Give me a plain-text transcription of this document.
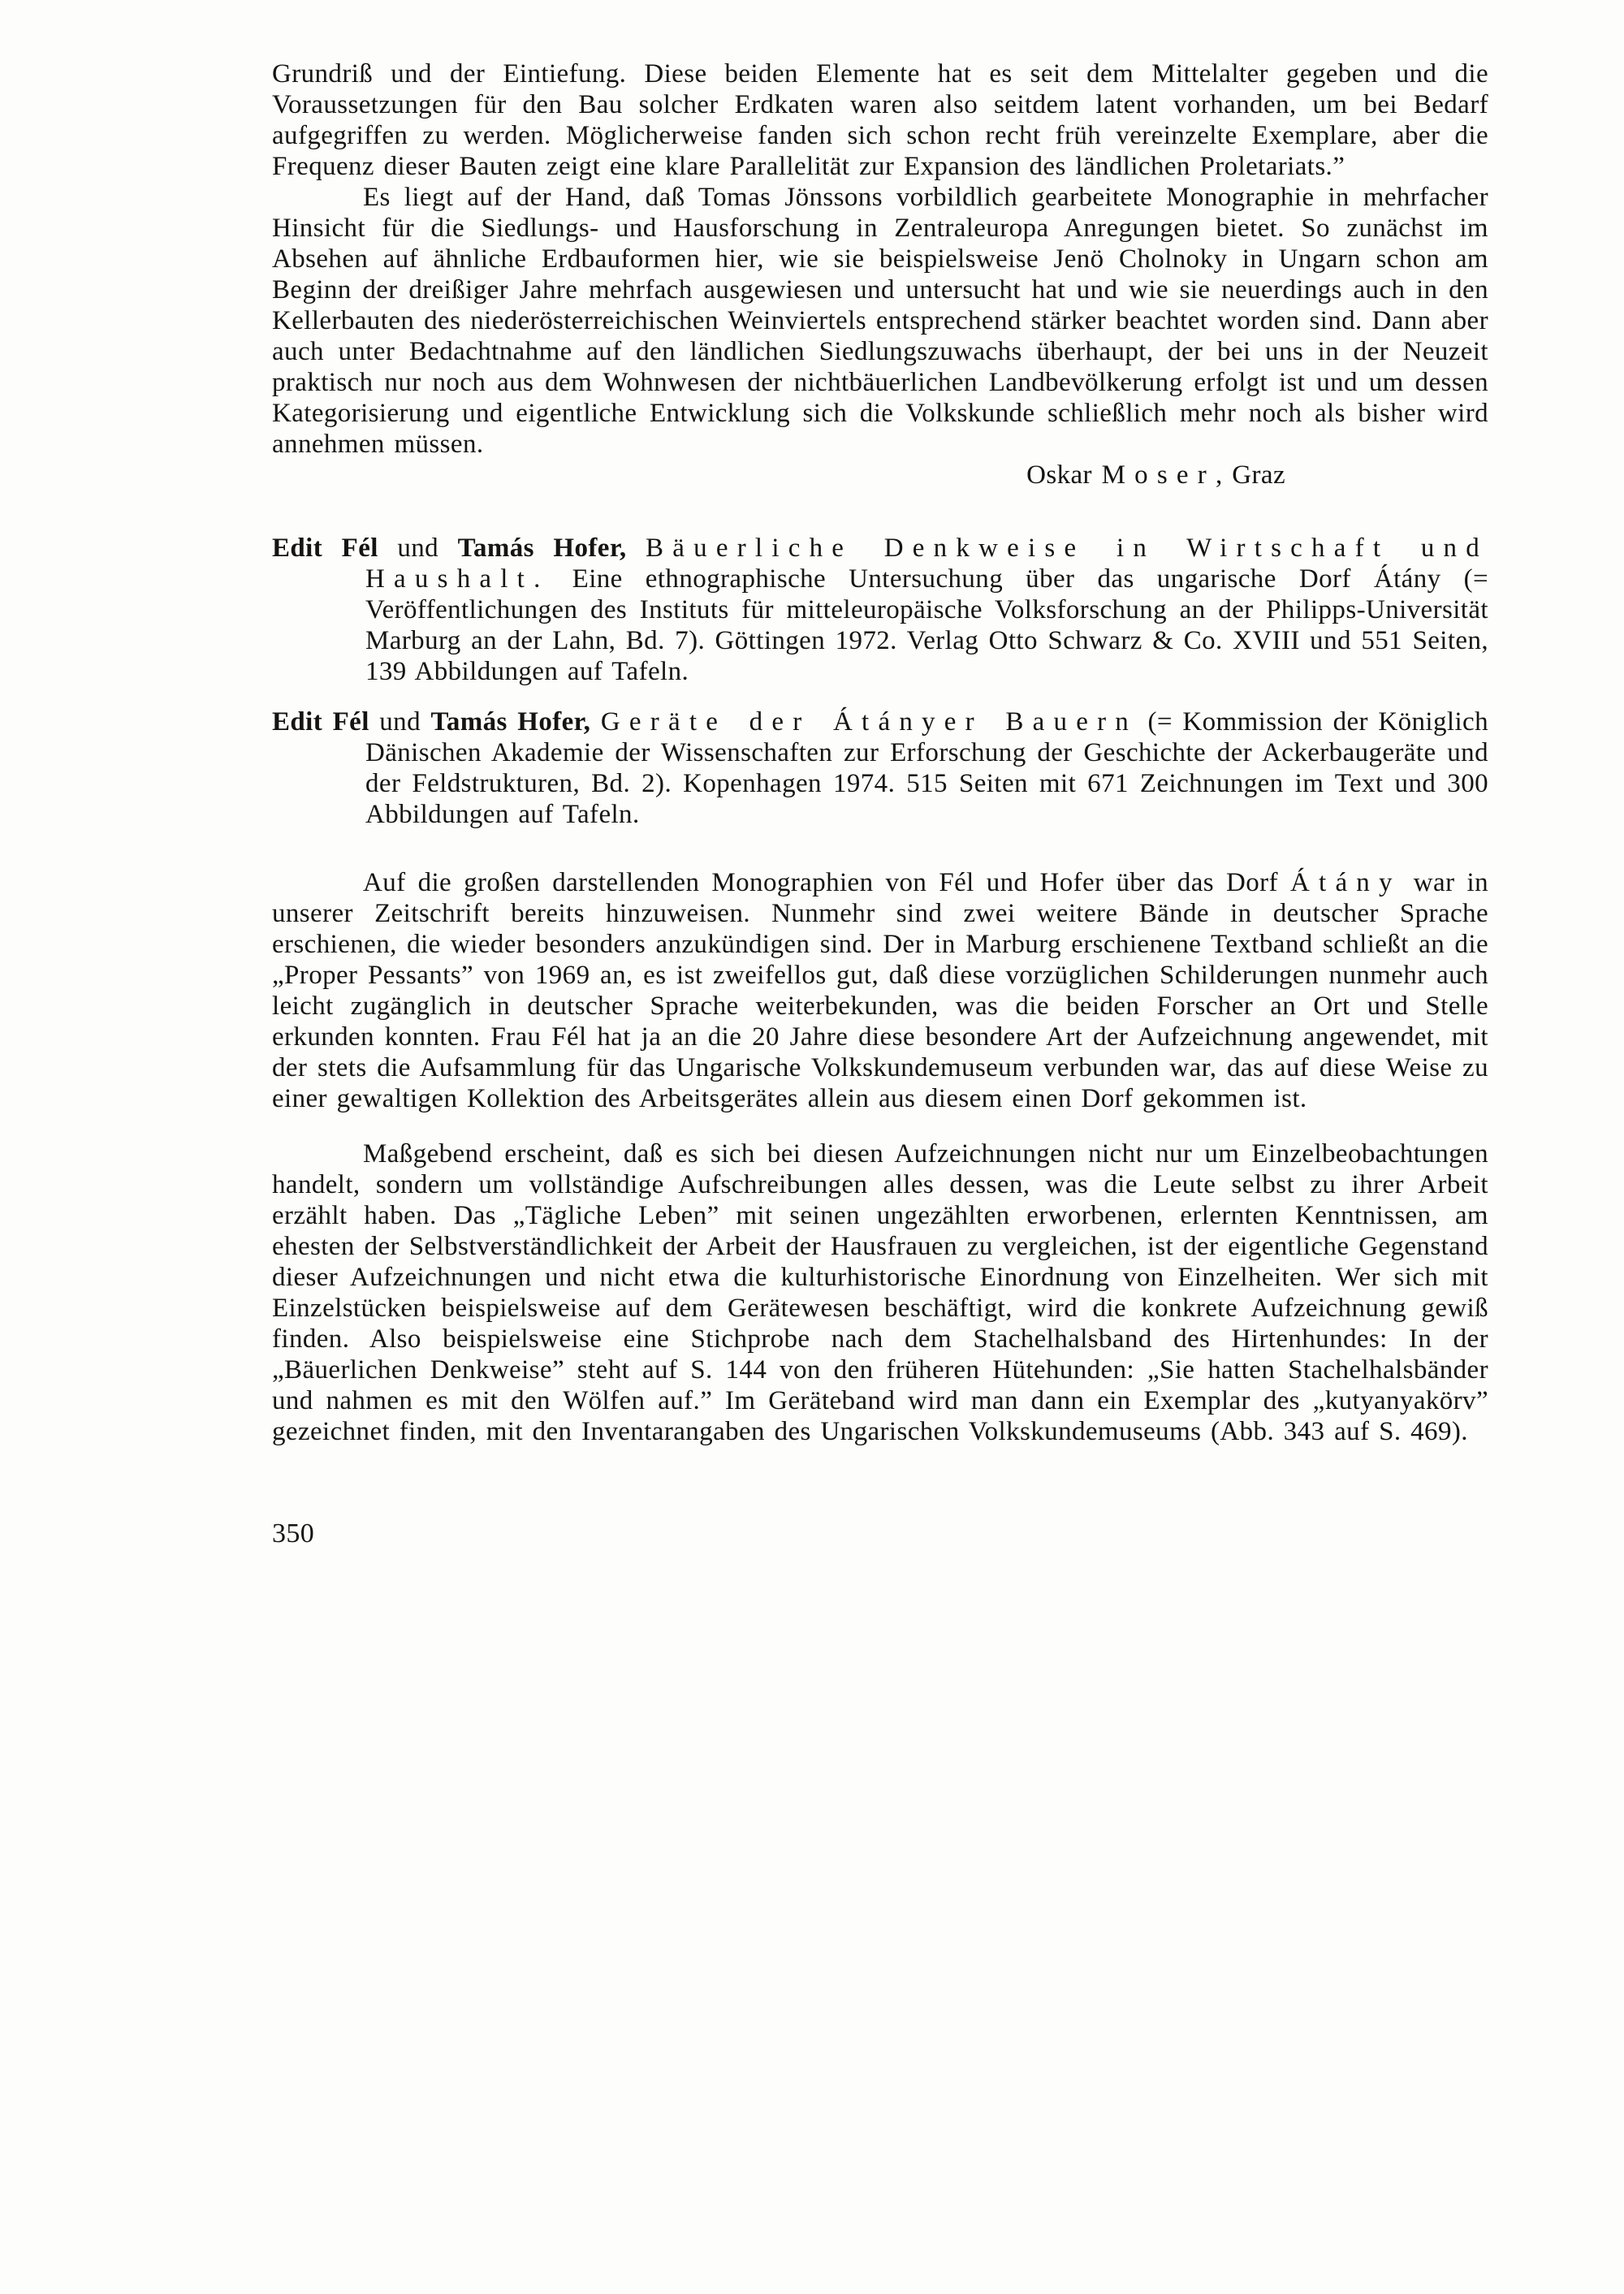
Grundriß und der Eintiefung. Diese beiden Elemente hat es seit dem Mittelalter gegeben und die Voraussetzungen für den Bau solcher Erdkaten waren also seitdem latent vorhanden, um bei Bedarf aufgegriffen zu werden. Möglicherweise fanden sich schon recht früh vereinzelte Exemplare, aber die Frequenz dieser Bauten zeigt eine klare Parallelität zur Expansion des ländlichen Proletariats.”

Es liegt auf der Hand, daß Tomas Jönssons vorbildlich gearbeitete Monographie in mehrfacher Hinsicht für die Siedlungs- und Hausforschung in Zentraleuropa Anregungen bietet. So zunächst im Absehen auf ähnliche Erdbauformen hier, wie sie beispielsweise Jenö Cholnoky in Ungarn schon am Beginn der dreißiger Jahre mehrfach ausgewiesen und untersucht hat und wie sie neuerdings auch in den Kellerbauten des niederösterreichischen Weinviertels entsprechend stärker beachtet worden sind. Dann aber auch unter Bedachtnahme auf den ländlichen Siedlungszuwachs überhaupt, der bei uns in der Neuzeit praktisch nur noch aus dem Wohnwesen der nichtbäuerlichen Landbevölkerung erfolgt ist und um dessen Kategorisierung und eigentliche Entwicklung sich die Volkskunde schließlich mehr noch als bisher wird annehmen müssen.

Oskar Moser, Graz

Edit Fél und Tamás Hofer, Bäuerliche Denkweise in Wirtschaft und Haushalt. Eine ethnographische Untersuchung über das ungarische Dorf Átány (= Veröffentlichungen des Instituts für mitteleuropäische Volksforschung an der Philipps-Universität Marburg an der Lahn, Bd. 7). Göttingen 1972. Verlag Otto Schwarz & Co. XVIII und 551 Seiten, 139 Abbildungen auf Tafeln.

Edit Fél und Tamás Hofer, Geräte der Átányer Bauern (= Kommission der Königlich Dänischen Akademie der Wissenschaften zur Erforschung der Geschichte der Ackerbaugeräte und der Feldstrukturen, Bd. 2). Kopenhagen 1974. 515 Seiten mit 671 Zeichnungen im Text und 300 Abbildungen auf Tafeln.

Auf die großen darstellenden Monographien von Fél und Hofer über das Dorf Átány war in unserer Zeitschrift bereits hinzuweisen. Nunmehr sind zwei weitere Bände in deutscher Sprache erschienen, die wieder besonders anzukündigen sind. Der in Marburg erschienene Textband schließt an die „Proper Pessants” von 1969 an, es ist zweifellos gut, daß diese vorzüglichen Schilderungen nunmehr auch leicht zugänglich in deutscher Sprache weiterbekunden, was die beiden Forscher an Ort und Stelle erkunden konnten. Frau Fél hat ja an die 20 Jahre diese besondere Art der Aufzeichnung angewendet, mit der stets die Aufsammlung für das Ungarische Volkskundemuseum verbunden war, das auf diese Weise zu einer gewaltigen Kollektion des Arbeitsgerätes allein aus diesem einen Dorf gekommen ist.

Maßgebend erscheint, daß es sich bei diesen Aufzeichnungen nicht nur um Einzelbeobachtungen handelt, sondern um vollständige Aufschreibungen alles dessen, was die Leute selbst zu ihrer Arbeit erzählt haben. Das „Tägliche Leben” mit seinen ungezählten erworbenen, erlernten Kenntnissen, am ehesten der Selbstverständlichkeit der Arbeit der Hausfrauen zu vergleichen, ist der eigentliche Gegenstand dieser Aufzeichnungen und nicht etwa die kulturhistorische Einordnung von Einzelheiten. Wer sich mit Einzelstücken beispielsweise auf dem Gerätewesen beschäftigt, wird die konkrete Aufzeichnung gewiß finden. Also beispielsweise eine Stichprobe nach dem Stachelhalsband des Hirtenhundes: In der „Bäuerlichen Denkweise” steht auf S. 144 von den früheren Hütehunden: „Sie hatten Stachelhalsbänder und nahmen es mit den Wölfen auf.” Im Geräteband wird man dann ein Exemplar des „kutyanyakörv” gezeichnet finden, mit den Inventarangaben des Ungarischen Volkskundemuseums (Abb. 343 auf S. 469).

350
